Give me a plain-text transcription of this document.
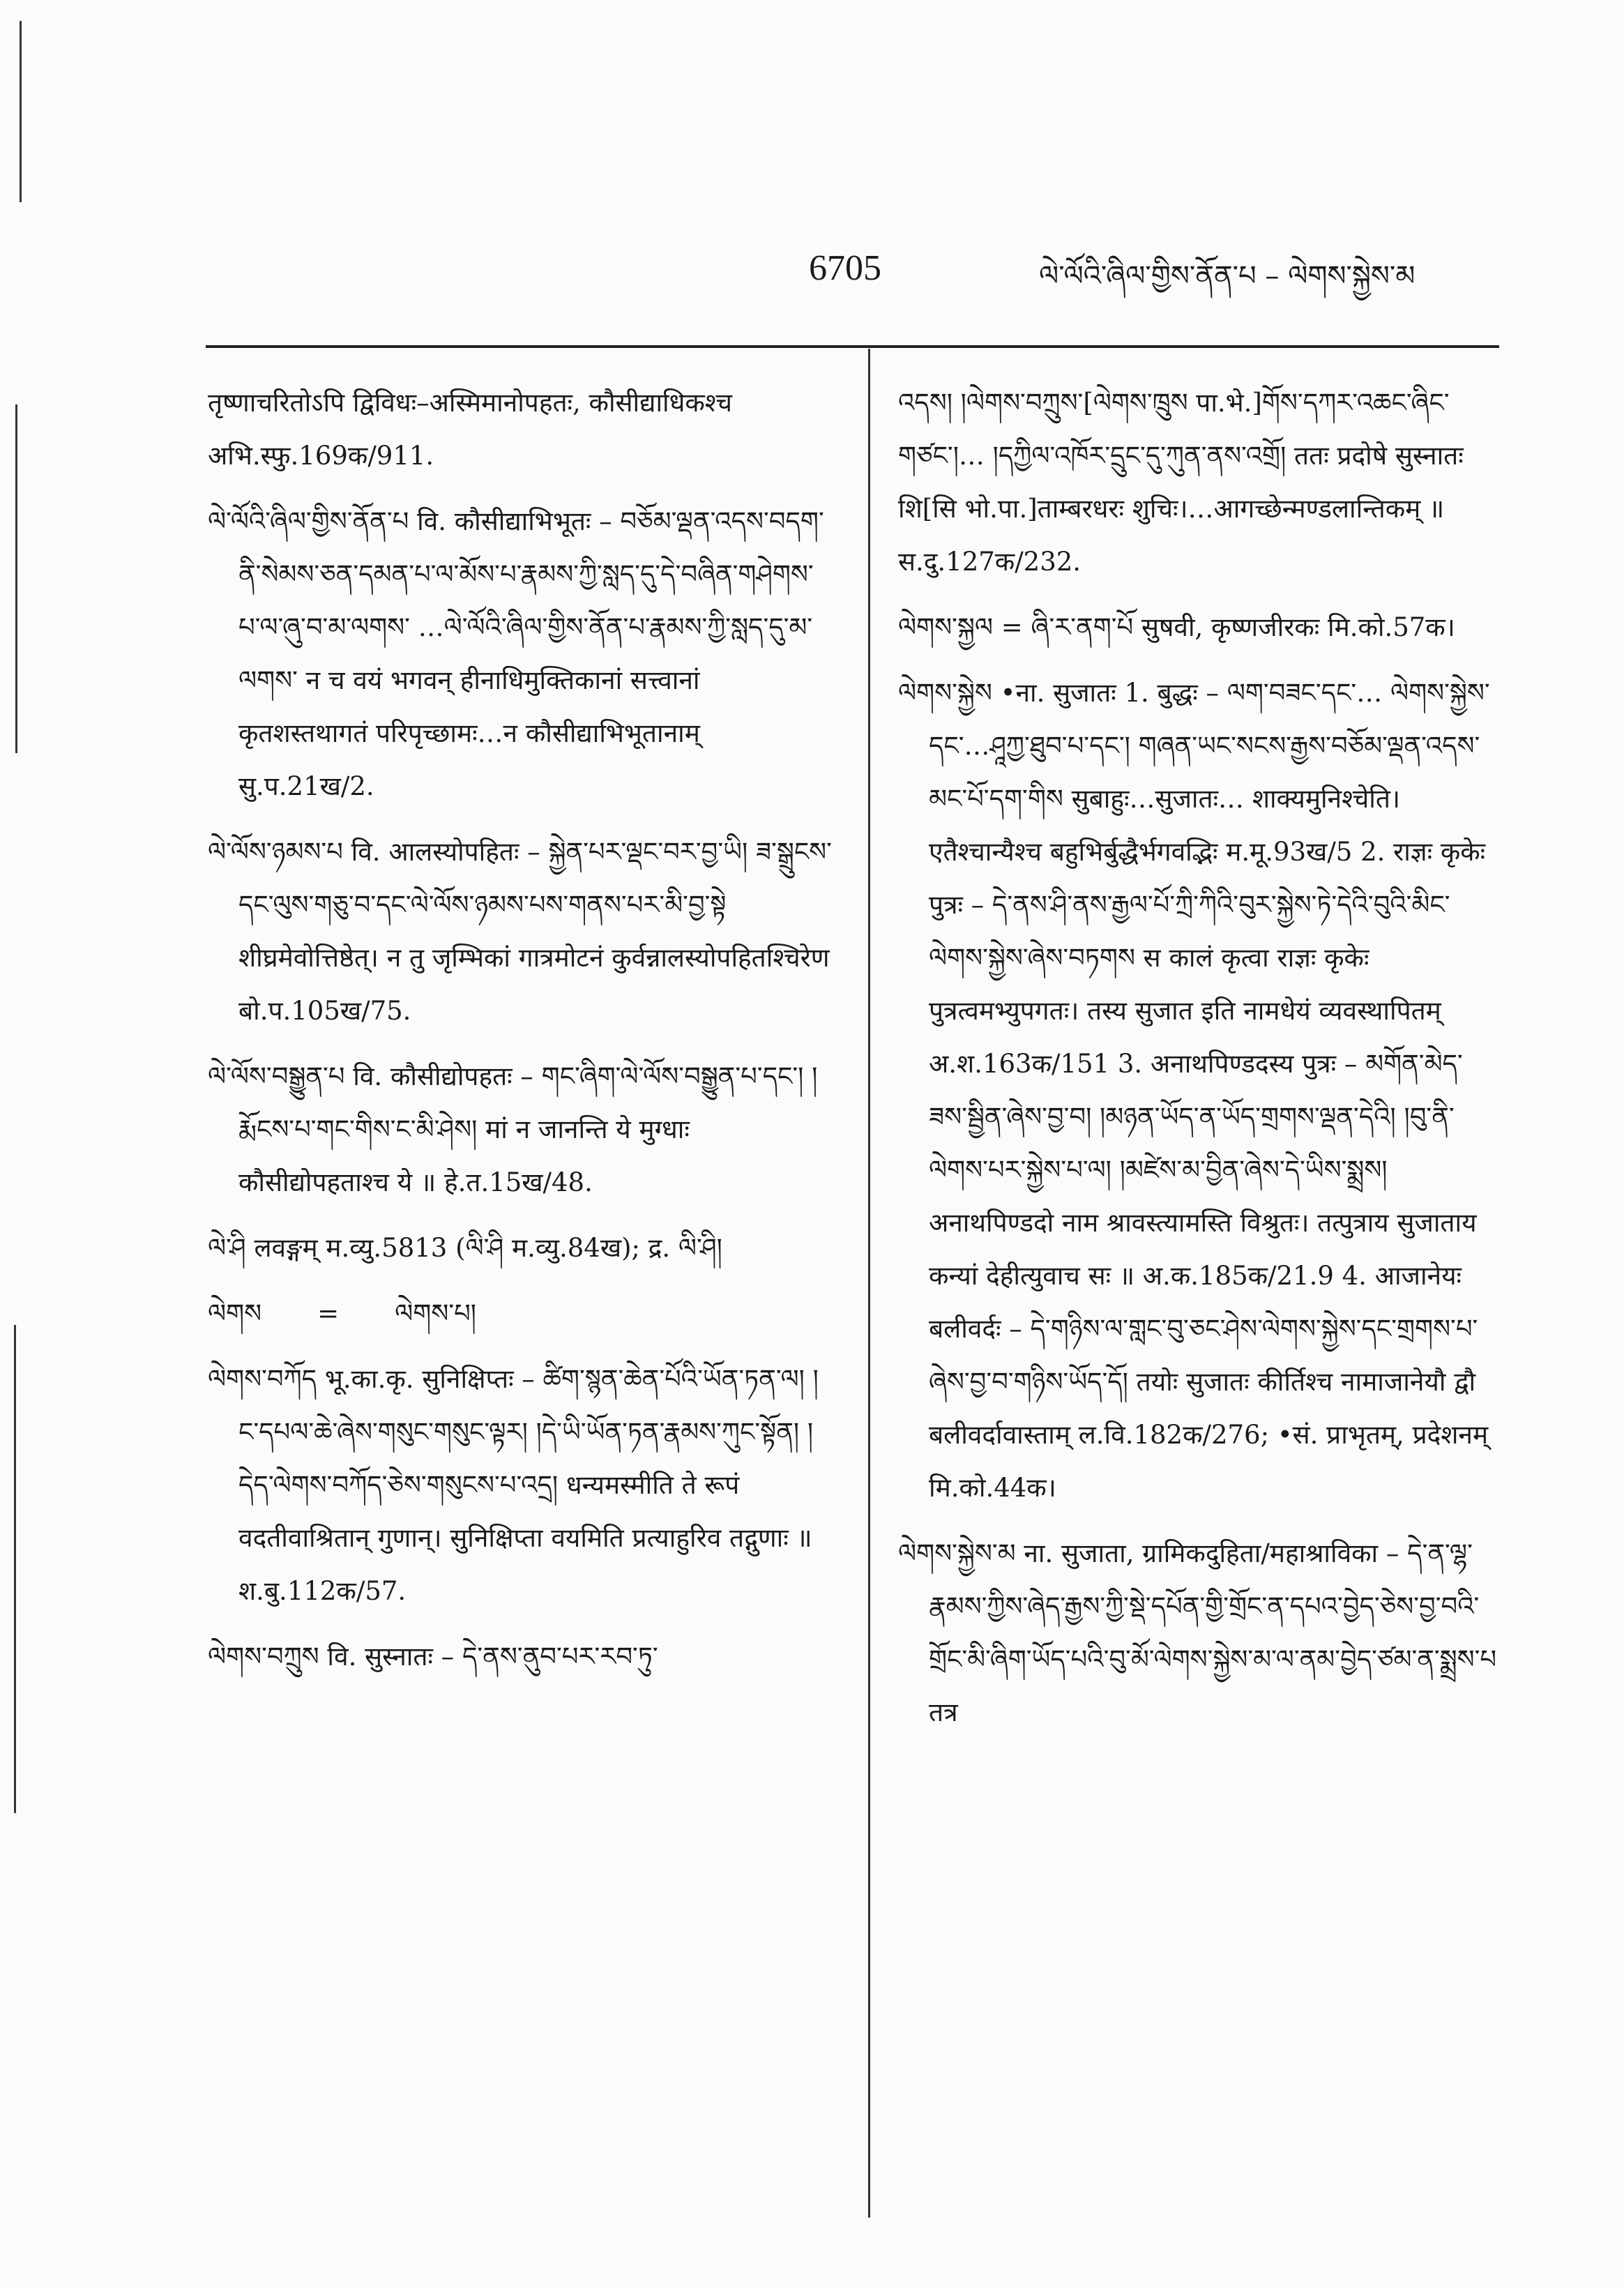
6705	ལེ་ལོའི་ཞིལ་གྱིས་ནོན་པ – ལེགས་སྐྱེས་མ

तृष्णाचरितोऽपि द्विविधः–अस्मिमानोपहतः, कौसीद्याधिकश्च अभि.स्फु.169क/911.

ལེ་ལོའི་ཞིལ་གྱིས་ནོན་པ वि. कौसीद्याभिभूतः – བཅོམ་ལྡན་འདས་བདག་ནི་སེམས་ཅན་དམན་པ་ལ་མོས་པ་རྣམས་ཀྱི་སླད་དུ་དེ་བཞིན་གཤེགས་པ་ལ་ཞུ་བ་མ་ལགས་ …ལེ་ལོའི་ཞིལ་གྱིས་ནོན་པ་རྣམས་ཀྱི་སླད་དུ་མ་ལགས་ न च वयं भगवन् हीनाधिमुक्तिकानां सत्त्वानां कृतशस्तथागतं परिपृच्छामः…न कौसीद्याभिभूतानाम् सु.प.21ख/2.

ལེ་ལོས་ཉམས་པ वि. आलस्योपहितः – སྐྱེན་པར་ལྡང་བར་བྱ་ཡི། ཟ་སྒྲུངས་དང་ལུས་གཅུ་བ་དང་ལེ་ལོས་ཉམས་པས་གནས་པར་མི་བྱ་སྟེ शीघ्रमेवोत्तिष्ठेत्। न तु जृम्भिकां गात्रमोटनं कुर्वन्नालस्योपहितश्चिरेण बो.प.105ख/75.

ལེ་ལོས་བསྒྱུན་པ वि. कौसीद्योपहतः – གང་ཞིག་ལེ་ལོས་བསྒྱུན་པ་དང་། །རྨོངས་པ་གང་གིས་ང་མི་ཤེས། मां न जानन्ति ये मुग्धाः कौसीद्योपहताश्च ये ॥ हे.त.15ख/48.

ལེ་ཤི लवङ्गम् म.व्यु.5813 (ལི་ཤི म.व्यु.84ख); द्र. ལི་ཤི།

ལེགས = ལེགས་པ།

ལེགས་བཀོད भू.का.कृ. सुनिक्षिप्तः – ཚིག་སྙན་ཆེན་པོའི་ཡོན་ཏན་ལ། །ང་དཔལ་ཆེ་ཞེས་གསུང་གསུང་ལྟར། །དེ་ཡི་ཡོན་ཏན་རྣམས་ཀུང་སྟོན། །དེད་ལེགས་བཀོད་ཅེས་གསུངས་པ་འདྲ། धन्यमस्मीति ते रूपं वदतीवाश्रितान् गुणान्। सुनिक्षिप्ता वयमिति प्रत्याहुरिव तद्गुणाः ॥ श.बु.112क/57.

ལེགས་བཀྲུས वि. सुस्नातः – དེ་ནས་ནུབ་པར་རབ་ཏུ་

འདས། །ལེགས་བཀྲུས་[ལེགས་ཁྲུས पा.भे.]གོས་དཀར་འཆང་ཞིང་གཙང་།… །དཀྱིལ་འཁོར་དྲུང་དུ་ཀུན་ནས་འགྲོ། ततः प्रदोषे सुस्नातः शि[सि भो.पा.]ताम्बरधरः शुचिः।…आगच्छेन्मण्डलान्तिकम् ॥ स.दु.127क/232.

ལེགས་སྐྱལ = ཞི་ར་ནག་པོ सुषवी, कृष्णजीरकः मि.को.57क।

ལེགས་སྐྱེས •ना. सुजातः 1. बुद्धः – ལག་བཟང་དང་… ལེགས་སྐྱེས་དང་…ཤཱཀྱ་ཐུབ་པ་དང་། གཞན་ཡང་སངས་རྒྱས་བཅོམ་ལྡན་འདས་མང་པོ་དག་གིས सुबाहुः…सुजातः… शाक्यमुनिश्चेति। एतैश्चान्यैश्च बहुभिर्बुद्धैर्भगवद्भिः म.मू.93ख/5 2. राज्ञः कृकेः पुत्रः – དེ་ནས་ཤི་ནས་རྒྱལ་པོ་ཀྲི་ཀིའི་བུར་སྐྱེས་ཏེ་དེའི་བུའི་མིང་ལེགས་སྐྱེས་ཞེས་བཏགས स कालं कृत्वा राज्ञः कृकेः पुत्रत्वमभ्युपगतः। तस्य सुजात इति नामधेयं व्यवस्थापितम् अ.श.163क/151 3. अनाथपिण्डदस्य पुत्रः – མགོན་མེད་ཟས་སྦྱིན་ཞེས་བྱ་བ། །མཉན་ཡོད་ན་ཡོད་གྲགས་ལྡན་དེའི། །བུ་ནི་ལེགས་པར་སྐྱེས་པ་ལ། །མཛེས་མ་བྱིན་ཞེས་དེ་ཡིས་སྨྲས། अनाथपिण्डदो नाम श्रावस्त्यामस्ति विश्रुतः। तत्पुत्राय सुजाताय कन्यां देहीत्युवाच सः ॥ अ.क.185क/21.9 4. आजानेयः बलीवर्दः – དེ་གཉིས་ལ་གླང་བུ་ཅང་ཤེས་ལེགས་སྐྱེས་དང་གྲགས་པ་ཞེས་བྱ་བ་གཉིས་ཡོད་དོ། तयोः सुजातः कीर्तिश्च नामाजानेयौ द्वौ बलीवर्दावास्ताम् ल.वि.182क/276; •सं. प्राभृतम्, प्रदेशनम् मि.को.44क।

ལེགས་སྐྱེས་མ ना. सुजाता, ग्रामिकदुहिता/महाश्राविका – དེ་ན་ལྷ་རྣམས་ཀྱིས་ཞེད་རྒྱས་ཀྱི་སྡེ་དཔོན་གྱི་གྲོང་ན་དཔའ་བྱེད་ཅེས་བྱ་བའི་གྲོང་མི་ཞིག་ཡོད་པའི་བུ་མོ་ལེགས་སྐྱེས་མ་ལ་ནམ་བྱེད་ཙམ་ན་སྨྲས་པ तत्र
